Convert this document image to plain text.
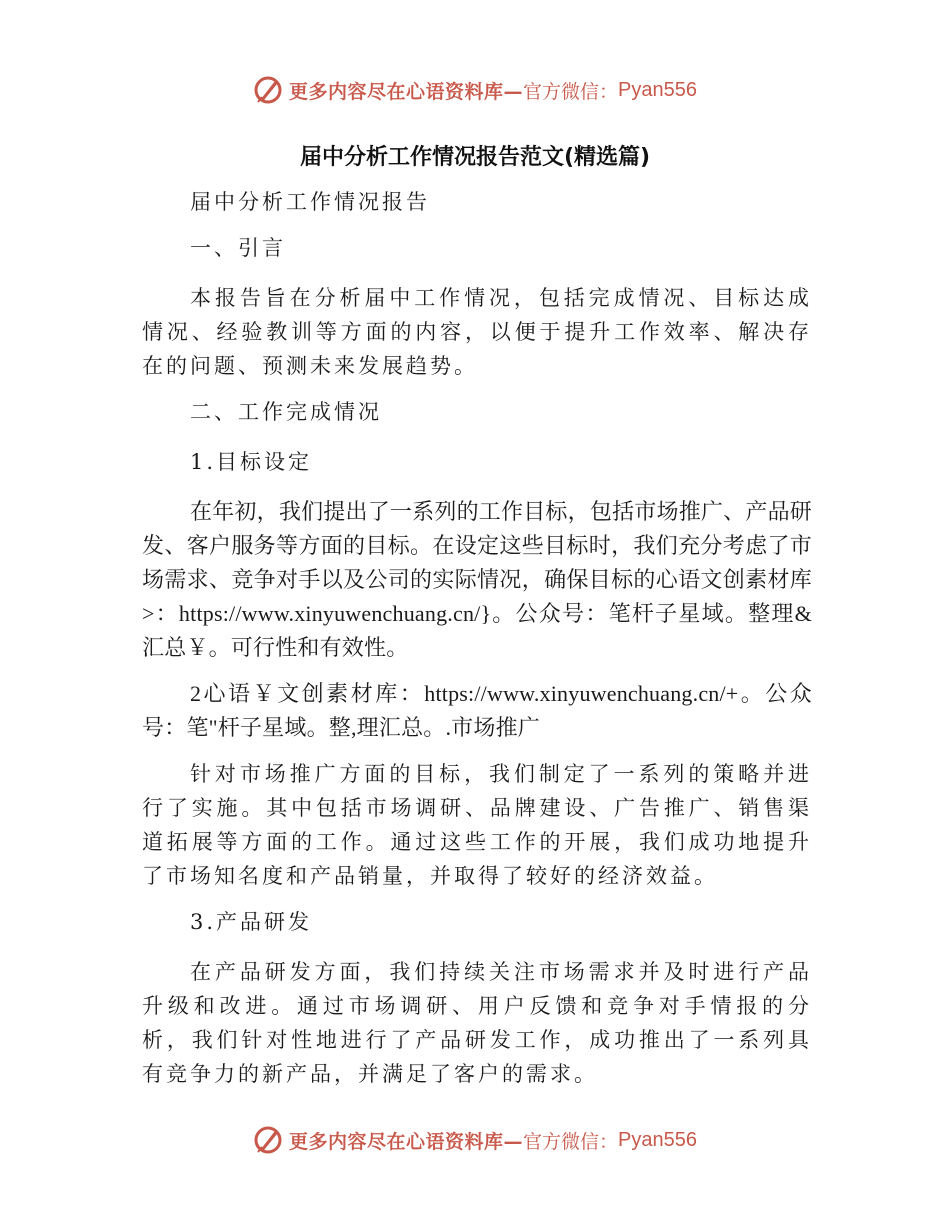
更多内容尽在心语资料库— 官方微信： Pyan556
届中分析工作情况报告范文(精选篇)

届中分析工作情况报告

一、引言

本报告旨在分析届中工作情况，包括完成情况、目标达成情况、经验教训等方面的内容，以便于提升工作效率、解决存在的问题、预测未来发展趋势。

二、工作完成情况

1.目标设定

在年初，我们提出了一系列的工作目标，包括市场推广、产品研发、客户服务等方面的目标。在设定这些目标时，我们充分考虑了市场需求、竞争对手以及公司的实际情况，确保目标的心语文创素材库>：https://www.xinyuwenchuang.cn/}。公众号：笔杆子星域。整理&汇总￥。可行性和有效性。

2心语￥文创素材库：https://www.xinyuwenchuang.cn/+。公众号：笔"杆子星域。整,理汇总。.市场推广

针对市场推广方面的目标，我们制定了一系列的策略并进行了实施。其中包括市场调研、品牌建设、广告推广、销售渠道拓展等方面的工作。通过这些工作的开展，我们成功地提升了市场知名度和产品销量，并取得了较好的经济效益。

3.产品研发

在产品研发方面，我们持续关注市场需求并及时进行产品升级和改进。通过市场调研、用户反馈和竞争对手情报的分析，我们针对性地进行了产品研发工作，成功推出了一系列具有竞争力的新产品，并满足了客户的需求。

更多内容尽在心语资料库— 官方微信： Pyan556
